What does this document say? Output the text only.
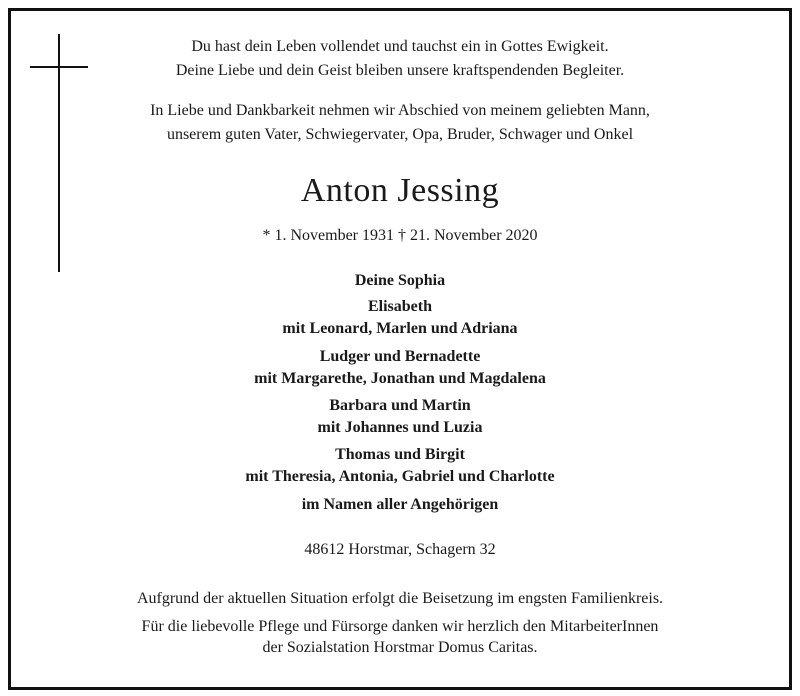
Du hast dein Leben vollendet und tauchst ein in Gottes Ewigkeit.
Deine Liebe und dein Geist bleiben unsere kraftspendenden Begleiter.
In Liebe und Dankbarkeit nehmen wir Abschied von meinem geliebten Mann,
unserem guten Vater, Schwiegervater, Opa, Bruder, Schwager und Onkel
Anton Jessing
* 1. November 1931 † 21. November 2020
Deine Sophia
Elisabeth
mit Leonard, Marlen und Adriana
Ludger und Bernadette
mit Margarethe, Jonathan und Magdalena
Barbara und Martin
mit Johannes und Luzia
Thomas und Birgit
mit Theresia, Antonia, Gabriel und Charlotte
im Namen aller Angehörigen
48612 Horstmar, Schagern 32
Aufgrund der aktuellen Situation erfolgt die Beisetzung im engsten Familienkreis.
Für die liebevolle Pflege und Fürsorge danken wir herzlich den MitarbeiterInnen
der Sozialstation Horstmar Domus Caritas.
